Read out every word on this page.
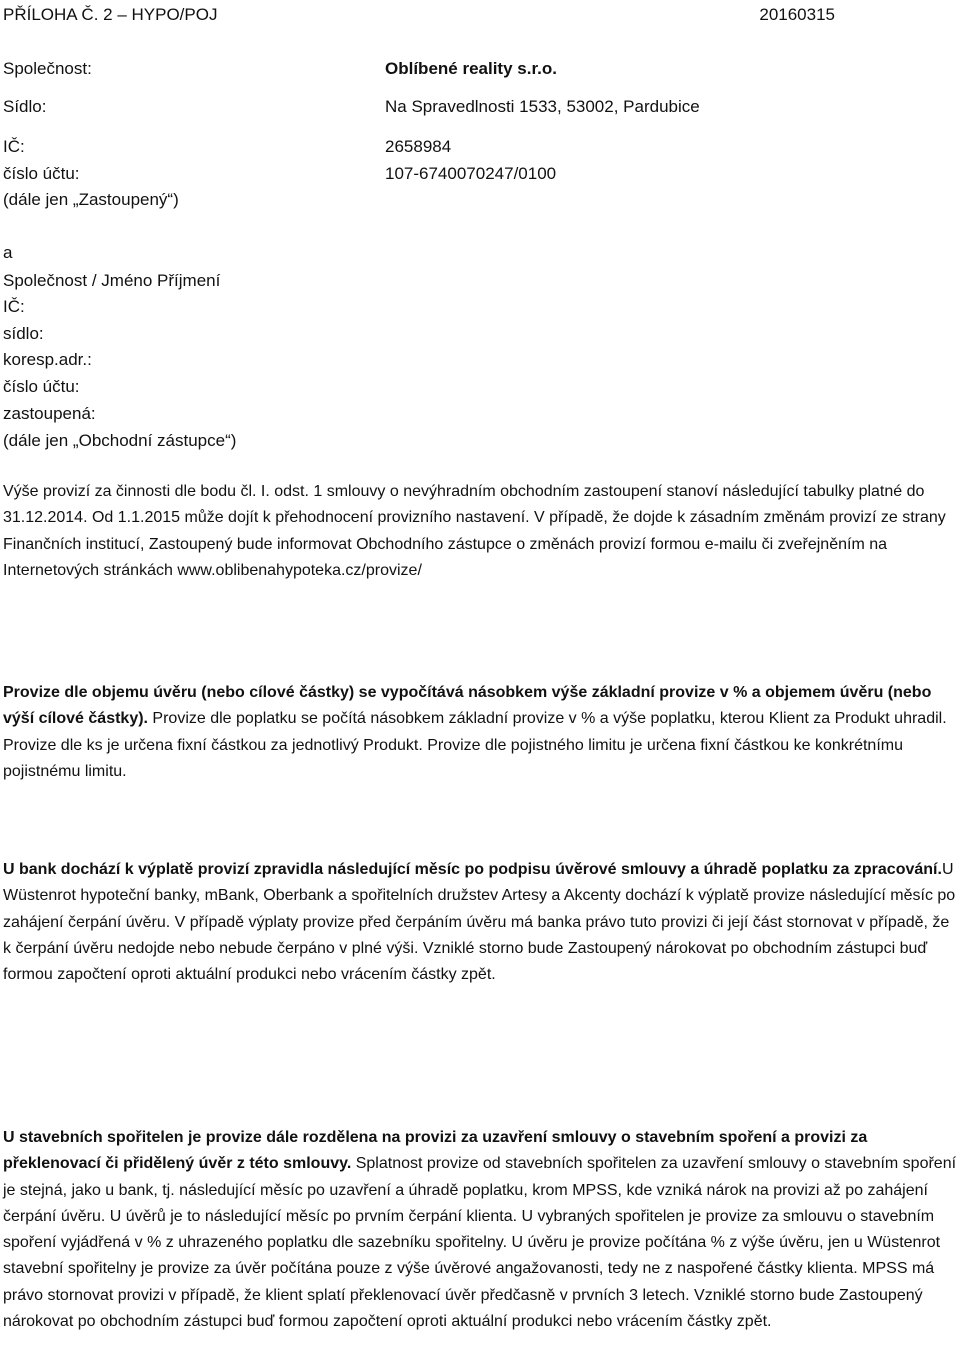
PŘÍLOHA Č. 2 – HYPO/POJ	20160315
Společnost:	Oblíbené reality s.r.o.
Sídlo:	Na Spravedlnosti 1533, 53002, Pardubice
IČ:	2658984
číslo účtu:	107-6740070247/0100
(dále jen „Zastoupený“)
a
Společnost / Jméno Příjmení
IČ:
sídlo:
koresp.adr.:
číslo účtu:
zastoupená:
(dále jen „Obchodní zástupce“)

Výše provizí za činnosti dle bodu čl. I. odst. 1 smlouvy o nevýhradním obchodním zastoupení stanoví následující tabulky platné do 31.12.2014. Od 1.1.2015 může dojít k přehodnocení provizního nastavení. V případě, že dojde k zásadním změnám provizí ze strany Finančních institucí, Zastoupený bude informovat Obchodního zástupce o změnách provizí formou e-mailu či zveřejněním na Internetových stránkách www.oblibenahypoteka.cz/provize/

Provize dle objemu úvěru (nebo cílové částky) se vypočítává násobkem výše základní provize v % a objemem úvěru (nebo výší cílové částky). Provize dle poplatku se počítá násobkem základní provize v % a výše poplatku, kterou Klient za Produkt uhradil. Provize dle ks je určena fixní částkou za jednotlivý Produkt. Provize dle pojistného limitu je určena fixní částkou ke konkrétnímu pojistnému limitu.

U bank dochází k výplatě provizí zpravidla následující měsíc po podpisu úvěrové smlouvy a úhradě poplatku za zpracování.U Wüstenrot hypoteční banky, mBank, Oberbank a spořitelních družstev Artesy a Akcenty dochází k výplatě provize následující měsíc po zahájení čerpání úvěru. V případě výplaty provize před čerpáním úvěru má banka právo tuto provizi či její část stornovat v případě, že k čerpání úvěru nedojde nebo nebude čerpáno v plné výši. Vzniklé storno bude Zastoupený nárokovat po obchodním zástupci buď formou započtení oproti aktuální produkci nebo vrácením částky zpět.

U stavebních spořitelen je provize dále rozdělena na provizi za uzavření smlouvy o stavebním spoření a provizi za překlenovací či přidělený úvěr z této smlouvy. Splatnost provize od stavebních spořitelen za uzavření smlouvy o stavebním spoření je stejná, jako u bank, tj. následující měsíc po uzavření a úhradě poplatku, krom MPSS, kde vzniká nárok na provizi až po zahájení čerpání úvěru. U úvěrů je to následující měsíc po prvním čerpání klienta. U vybraných spořitelen je provize za smlouvu o stavebním spoření vyjádřená v % z uhrazeného poplatku dle sazebníku spořitelny. U úvěru je provize počítána % z výše úvěru, jen u Wüstenrot stavební spořitelny je provize za úvěr počítána pouze z výše úvěrové angažovanosti, tedy ne z naspořené částky klienta. MPSS má právo stornovat provizi v případě, že klient splatí překlenovací úvěr předčasně v prvních 3 letech. Vzniklé storno bude Zastoupený nárokovat po obchodním zástupci buď formou započtení oproti aktuální produkci nebo vrácením částky zpět.
